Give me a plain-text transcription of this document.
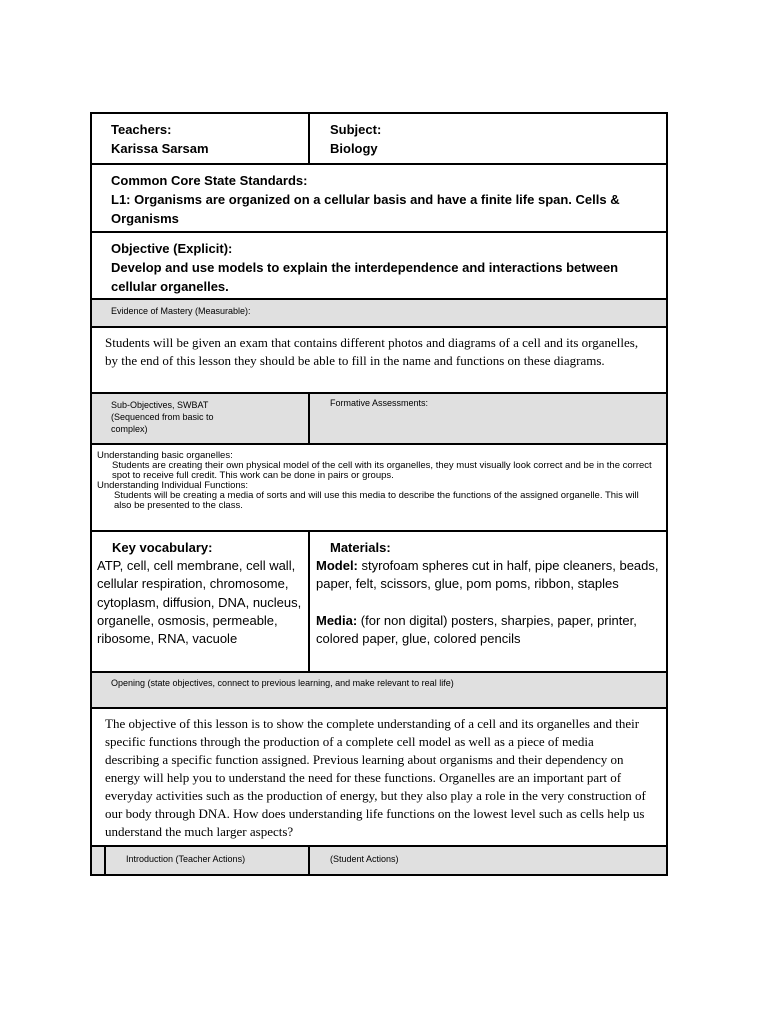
Teachers:
Karissa Sarsam
Subject:
Biology
Common Core State Standards:
L1: Organisms are organized on a cellular basis and have a finite life span. Cells & Organisms
Objective (Explicit):
Develop and use models to explain the interdependence and interactions between cellular organelles.
Evidence of Mastery (Measurable):
Students will be given an exam that contains different photos and diagrams of a cell and its organelles, by the end of this lesson they should be able to fill in the name and functions on these diagrams.
Sub-Objectives, SWBAT
(Sequenced from basic to
complex)
Formative Assessments:
Understanding basic organelles:
Students are creating their own physical model of the cell with its organelles, they must visually look correct and be in the correct spot to receive full credit. This work can be done in pairs or groups.
Understanding Individual Functions:
Students will be creating a media of sorts and will use this media to describe the functions of the assigned organelle. This will also be presented to the class.
Key vocabulary:
ATP, cell, cell membrane, cell wall, cellular respiration, chromosome, cytoplasm, diffusion, DNA, nucleus, organelle, osmosis, permeable, ribosome, RNA, vacuole
Materials:
Model: styrofoam spheres cut in half, pipe cleaners, beads, paper, felt, scissors, glue, pom poms, ribbon, staples
Media: (for non digital) posters, sharpies, paper, printer, colored paper, glue, colored pencils
Opening (state objectives, connect to previous learning, and make relevant to real life)
The objective of this lesson is to show the complete understanding of a cell and its organelles and their specific functions through the production of a complete cell model as well as a piece of media describing a specific function assigned. Previous learning about organisms and their dependency on energy will help you to understand the need for these functions. Organelles are an important part of everyday activities such as the production of energy, but they also play a role in the very construction of our body through DNA. How does understanding life functions on the lowest level such as cells help us understand the much larger aspects?
Introduction (Teacher Actions)	(Student Actions)
